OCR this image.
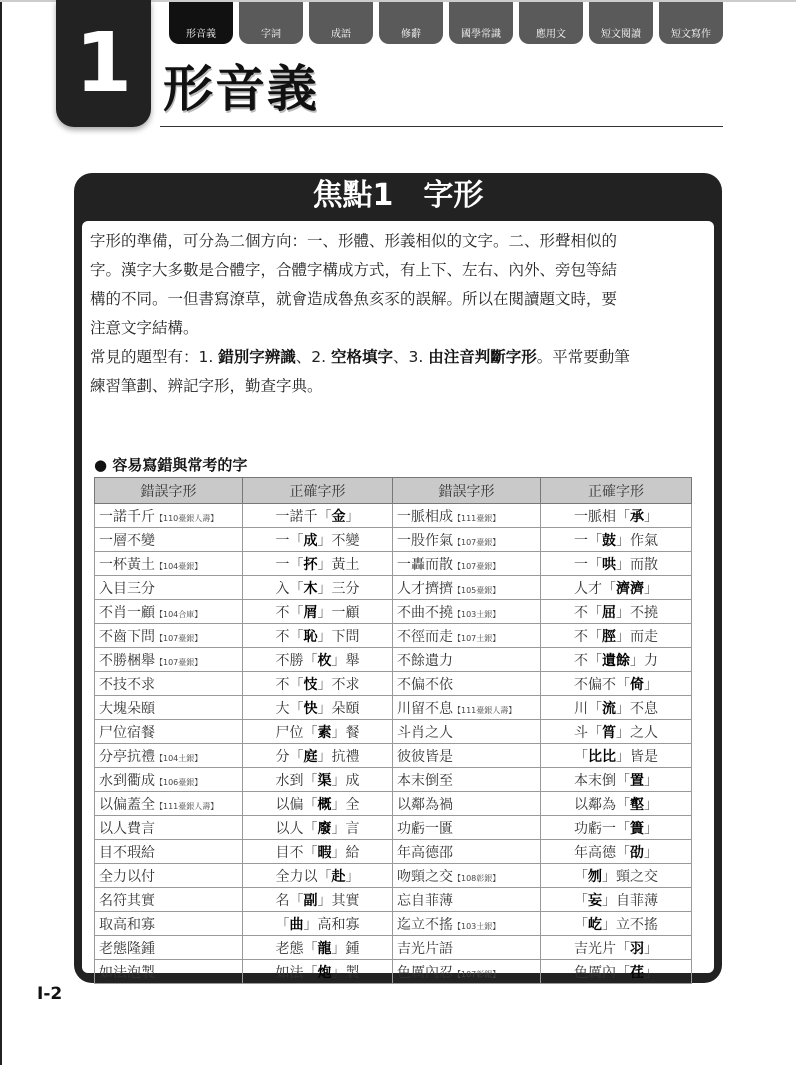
形音義	字詞	成語	修辭	國學常識	應用文	短文閱讀	短文寫作
1 形音義
焦點1　字形

字形的準備，可分為二個方向：一、形體、形義相似的文字。二、形聲相似的

字。漢字大多數是合體字，合體字構成方式，有上下、左右、內外、旁包等結

構的不同。一但書寫潦草，就會造成魯魚亥豕的誤解。所以在閱讀題文時，要

注意文字結構。

常見的題型有：1. 錯別字辨識、2. 空格填字、3. 由注音判斷字形。平常要動筆

練習筆劃、辨記字形，勤查字典。

● 容易寫錯與常考的字
錯誤字形	正確字形	錯誤字形	正確字形
一諾千斤【110臺銀人壽】	一諾千「金」	一脈相成【111臺銀】	一脈相「承」
一層不變	一「成」不變	一股作氣【107臺銀】	一「鼓」作氣
一杯黃土【104臺銀】	一「抔」黃土	一轟而散【107臺銀】	一「哄」而散
入目三分	入「木」三分	人才擠擠【105臺銀】	人才「濟濟」
不肖一顧【104合庫】	不「屑」一顧	不曲不撓【103土銀】	不「屈」不撓
不齒下問【107臺銀】	不「恥」下問	不徑而走【107土銀】	不「脛」而走
不勝梱舉【107臺銀】	不勝「枚」舉	不餘遺力	不「遺餘」力
不技不求	不「忮」不求	不偏不依	不偏不「倚」
大塊朵頤	大「快」朵頤	川留不息【111臺銀人壽】	川「流」不息
尸位宿餐	尸位「素」餐	斗肖之人	斗「筲」之人
分亭抗禮【104土銀】	分「庭」抗禮	彼彼皆是	「比比」皆是
水到衢成【106臺銀】	水到「渠」成	本末倒至	本末倒「置」
以偏蓋全【111臺銀人壽】	以偏「概」全	以鄰為禍	以鄰為「壑」
以人費言	以人「廢」言	功虧一匱	功虧一「簣」
目不瑕給	目不「暇」給	年高德邵	年高德「劭」
全力以付	全力以「赴」	吻頸之交【108彰銀】	「刎」頸之交
名符其實	名「副」其實	忘自菲薄	「妄」自菲薄
取高和寡	「曲」高和寡	迄立不搖【103土銀】	「屹」立不搖
老態隆鍾	老態「龍」鍾	吉光片語	吉光片「羽」
如法泡製	如法「炮」製	色厲內忍【107彰銀】	色厲內「荏」
I-2
